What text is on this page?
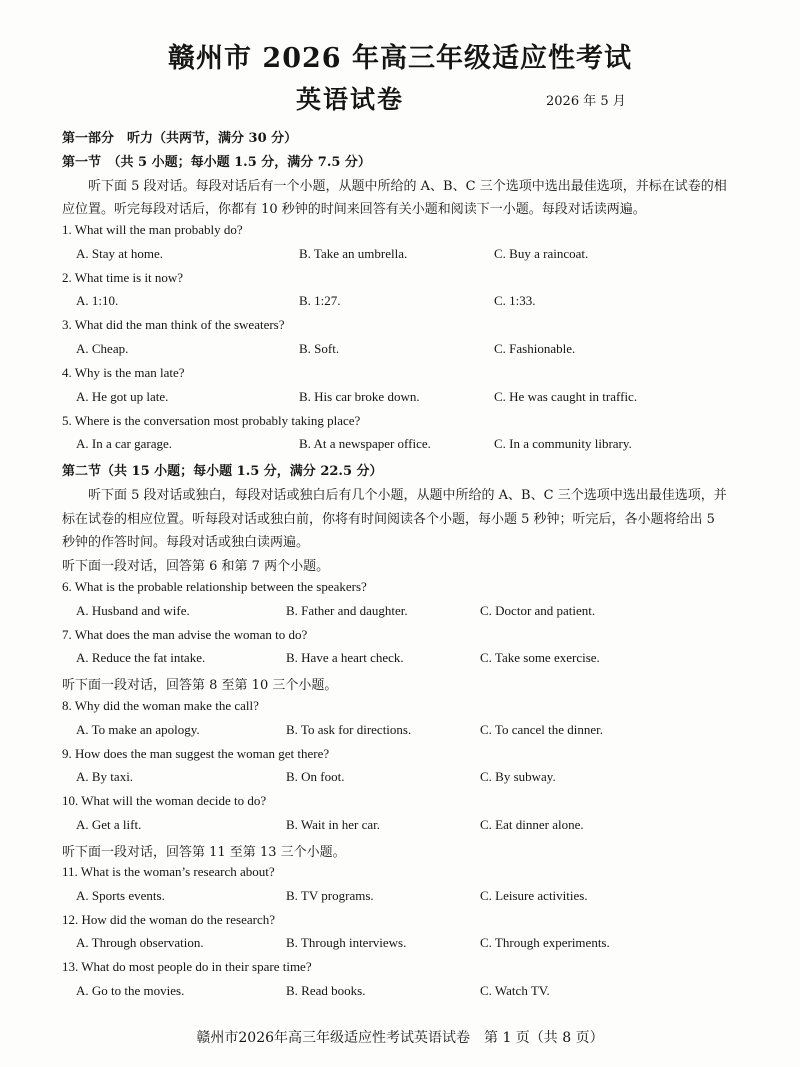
赣州市 2026 年高三年级适应性考试
英语试卷	2026 年 5 月
第一部分　听力（共两节，满分 30 分）
第一节　（共 5 小题；每小题 1.5 分，满分 7.5 分）
听下面 5 段对话。每段对话后有一个小题，从题中所给的 A、B、C 三个选项中选出最佳选项，并标在试卷的相
应位置。听完每段对话后，你都有 10 秒钟的时间来回答有关小题和阅读下一小题。每段对话读两遍。
1. What will the man probably do?
A. Stay at home.	B. Take an umbrella.	C. Buy a raincoat.
2. What time is it now?
A. 1:10.	B. 1:27.	C. 1:33.
3. What did the man think of the sweaters?
A. Cheap.	B. Soft.	C. Fashionable.
4. Why is the man late?
A. He got up late.	B. His car broke down.	C. He was caught in traffic.
5. Where is the conversation most probably taking place?
A. In a car garage.	B. At a newspaper office.	C. In a community library.
第二节（共 15 小题；每小题 1.5 分，满分 22.5 分）
听下面 5 段对话或独白，每段对话或独白后有几个小题，从题中所给的 A、B、C 三个选项中选出最佳选项，并
标在试卷的相应位置。听每段对话或独白前，你将有时间阅读各个小题，每小题 5 秒钟；听完后，各小题将给出 5
秒钟的作答时间。每段对话或独白读两遍。
听下面一段对话，回答第 6 和第 7 两个小题。
6. What is the probable relationship between the speakers?
A. Husband and wife.	B. Father and daughter.	C. Doctor and patient.
7. What does the man advise the woman to do?
A. Reduce the fat intake.	B. Have a heart check.	C. Take some exercise.
听下面一段对话，回答第 8 至第 10 三个小题。
8. Why did the woman make the call?
A. To make an apology.	B. To ask for directions.	C. To cancel the dinner.
9. How does the man suggest the woman get there?
A. By taxi.	B. On foot.	C. By subway.
10. What will the woman decide to do?
A. Get a lift.	B. Wait in her car.	C. Eat dinner alone.
听下面一段对话，回答第 11 至第 13 三个小题。
11. What is the woman’s research about?
A. Sports events.	B. TV programs.	C. Leisure activities.
12. How did the woman do the research?
A. Through observation.	B. Through interviews.	C. Through experiments.
13. What do most people do in their spare time?
A. Go to the movies.	B. Read books.	C. Watch TV.
赣州市2026年高三年级适应性考试英语试卷　第 1 页（共 8 页）
